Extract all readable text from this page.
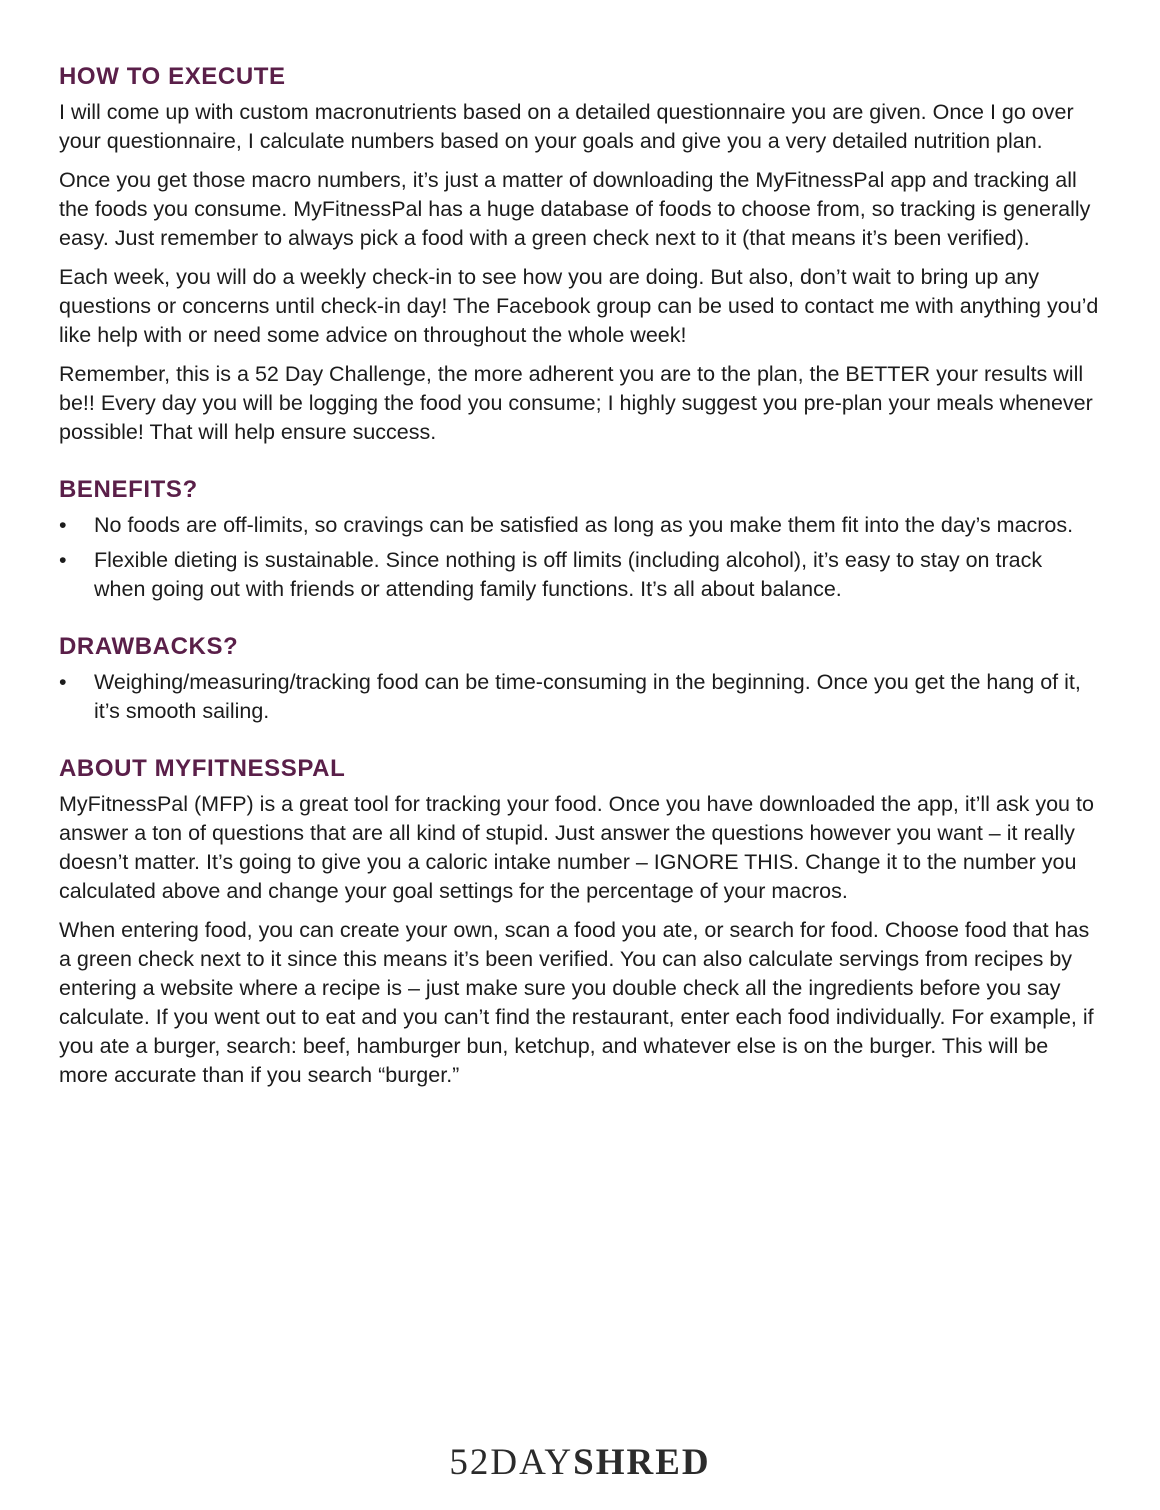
HOW TO EXECUTE

I will come up with custom macronutrients based on a detailed questionnaire you are given. Once I go over your questionnaire, I calculate numbers based on your goals and give you a very detailed nutrition plan.

Once you get those macro numbers, it’s just a matter of downloading the MyFitnessPal app and tracking all the foods you consume. MyFitnessPal has a huge database of foods to choose from, so tracking is generally easy. Just remember to always pick a food with a green check next to it (that means it’s been verified).

Each week, you will do a weekly check-in to see how you are doing. But also, don’t wait to bring up any questions or concerns until check-in day! The Facebook group can be used to contact me with anything you’d like help with or need some advice on throughout the whole week!

Remember, this is a 52 Day Challenge, the more adherent you are to the plan, the BETTER your results will be!! Every day you will be logging the food you consume; I highly suggest you pre-plan your meals whenever possible! That will help ensure success.

BENEFITS?
• No foods are off-limits, so cravings can be satisfied as long as you make them fit into the day’s macros.
• Flexible dieting is sustainable. Since nothing is off limits (including alcohol), it’s easy to stay on track when going out with friends or attending family functions. It’s all about balance.
DRAWBACKS?
• Weighing/measuring/tracking food can be time-consuming in the beginning. Once you get the hang of it, it’s smooth sailing.
ABOUT MYFITNESSPAL

MyFitnessPal (MFP) is a great tool for tracking your food. Once you have downloaded the app, it’ll ask you to answer a ton of questions that are all kind of stupid. Just answer the questions however you want – it really doesn’t matter. It’s going to give you a caloric intake number – IGNORE THIS. Change it to the number you calculated above and change your goal settings for the percentage of your macros.

When entering food, you can create your own, scan a food you ate, or search for food. Choose food that has a green check next to it since this means it’s been verified. You can also calculate servings from recipes by entering a website where a recipe is – just make sure you double check all the ingredients before you say calculate. If you went out to eat and you can’t find the restaurant, enter each food individually. For example, if you ate a burger, search: beef, hamburger bun, ketchup, and whatever else is on the burger. This will be more accurate than if you search “burger.”

52DAYSHRED
